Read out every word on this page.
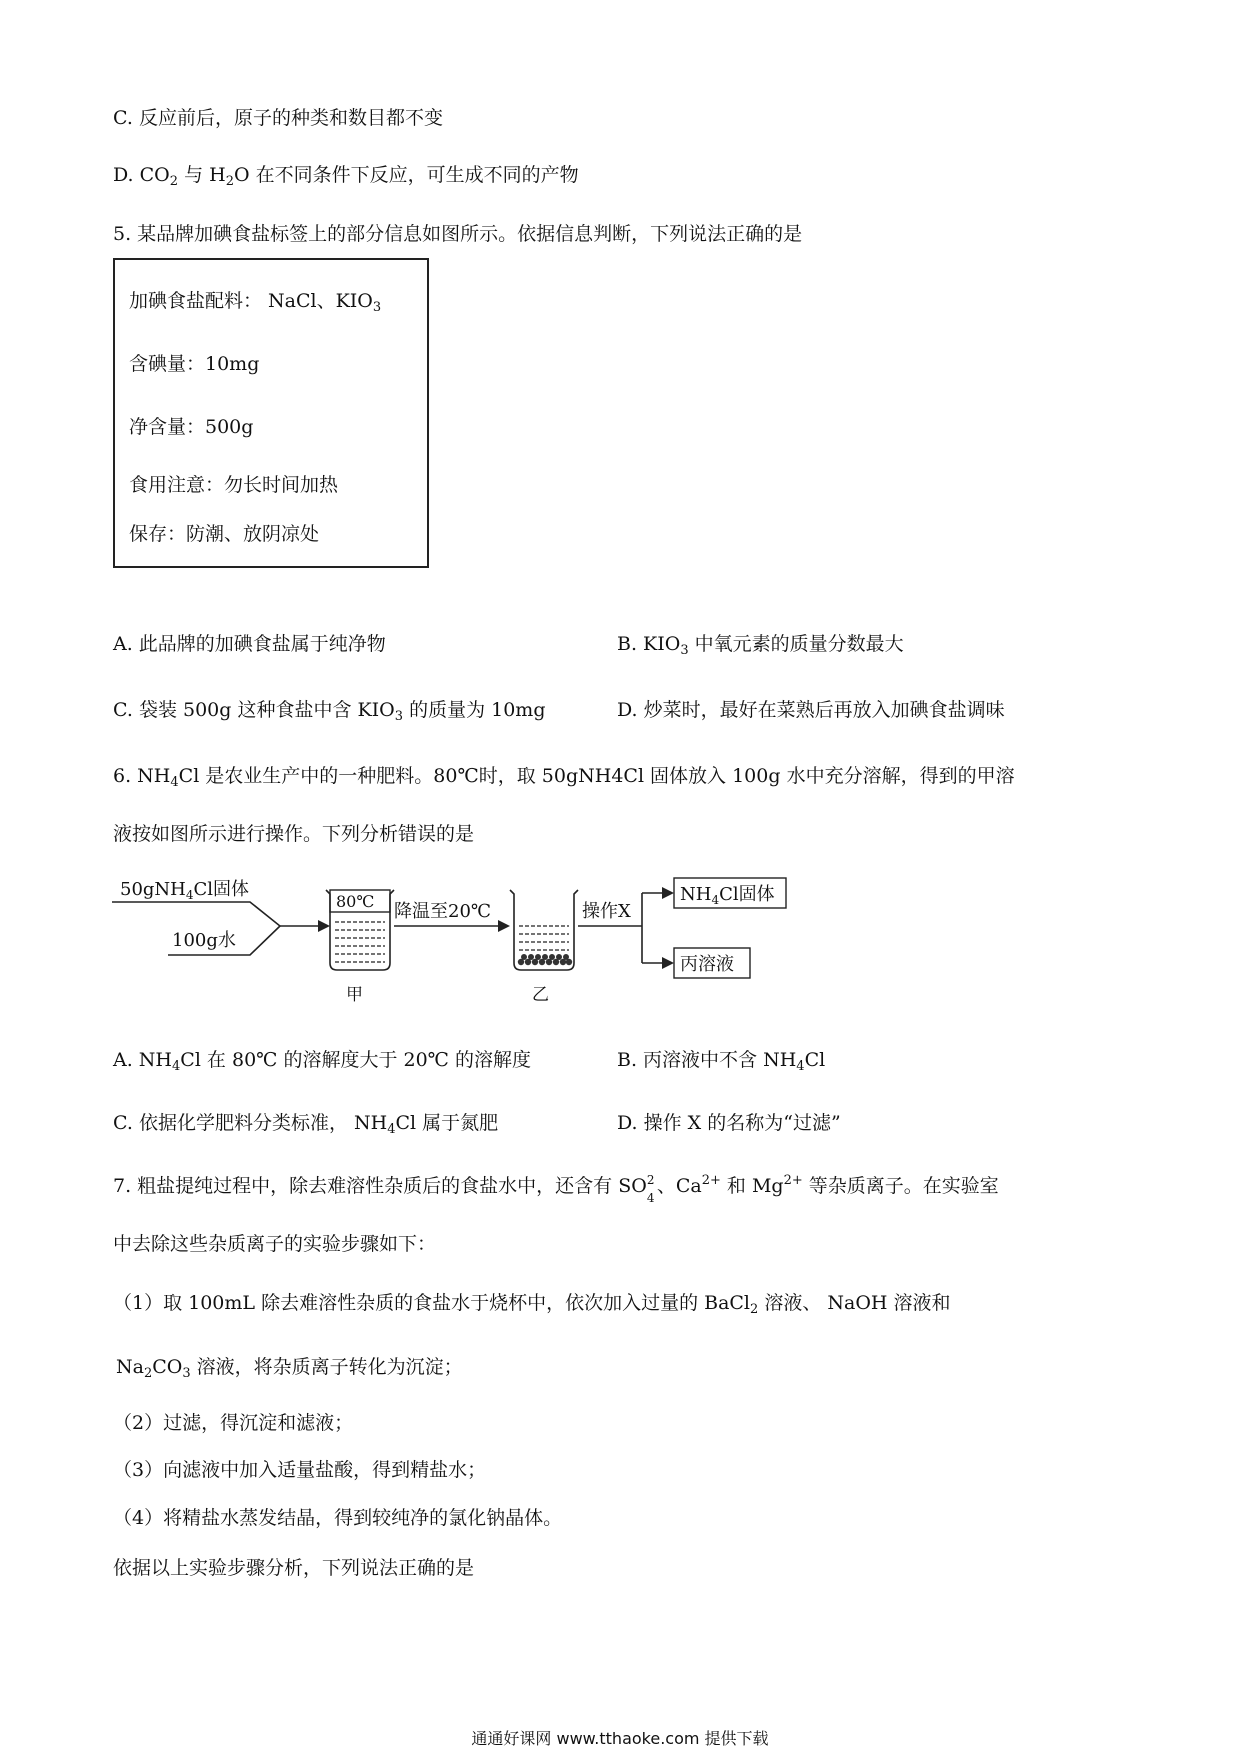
C. 反应前后，原子的种类和数目都不变
D. $CO_2$ 与 $H_2O$ 在不同条件下反应，可生成不同的产物
5. 某品牌加碘食盐标签上的部分信息如图所示。依据信息判断，下列说法正确的是
加碘食盐配料： NaCl、$KIO_3$
含碘量：10mg
净含量：500g
食用注意：勿长时间加热
保存：防潮、放阴凉处
A. 此品牌的加碘食盐属于纯净物	B. $KIO_3$ 中氧元素的质量分数最大
C. 袋装 500g 这种食盐中含 $KIO_3$ 的质量为 10mg	D. 炒菜时，最好在菜熟后再放入加碘食盐调味
6. $NH_4Cl$ 是农业生产中的一种肥料。80℃时，取 50gNH4Cl 固体放入 100g 水中充分溶解，得到的甲溶
液按如图所示进行操作。下列分析错误的是
50gNH$_4$Cl固体
100g水
80℃
甲
降温至20℃
乙
操作X
$NH_4Cl$固体
丙溶液
A. $NH_4Cl$ 在 80℃ 的溶解度大于 20℃ 的溶解度	B. 丙溶液中不含 $NH_4Cl$
C. 依据化学肥料分类标准， $NH_4Cl$ 属于氮肥	D. 操作 X 的名称为“过滤”
7. 粗盐提纯过程中，除去难溶性杂质后的食盐水中，还含有 SO 2
4
、$Ca^{2+}$ 和 $Mg^{2+}$ 等杂质离子。在实验室
中去除这些杂质离子的实验步骤如下：
（1）取 100mL 除去难溶性杂质的食盐水于烧杯中，依次加入过量的 BaCl$_2$ 溶液、 NaOH 溶液和
$Na_2CO_3$ 溶液，将杂质离子转化为沉淀；
（2）过滤，得沉淀和滤液；
（3）向滤液中加入适量盐酸，得到精盐水；
（4）将精盐水蒸发结晶，得到较纯净的氯化钠晶体。
依据以上实验步骤分析，下列说法正确的是
通通好课网 www.tthaoke.com 提供下载
